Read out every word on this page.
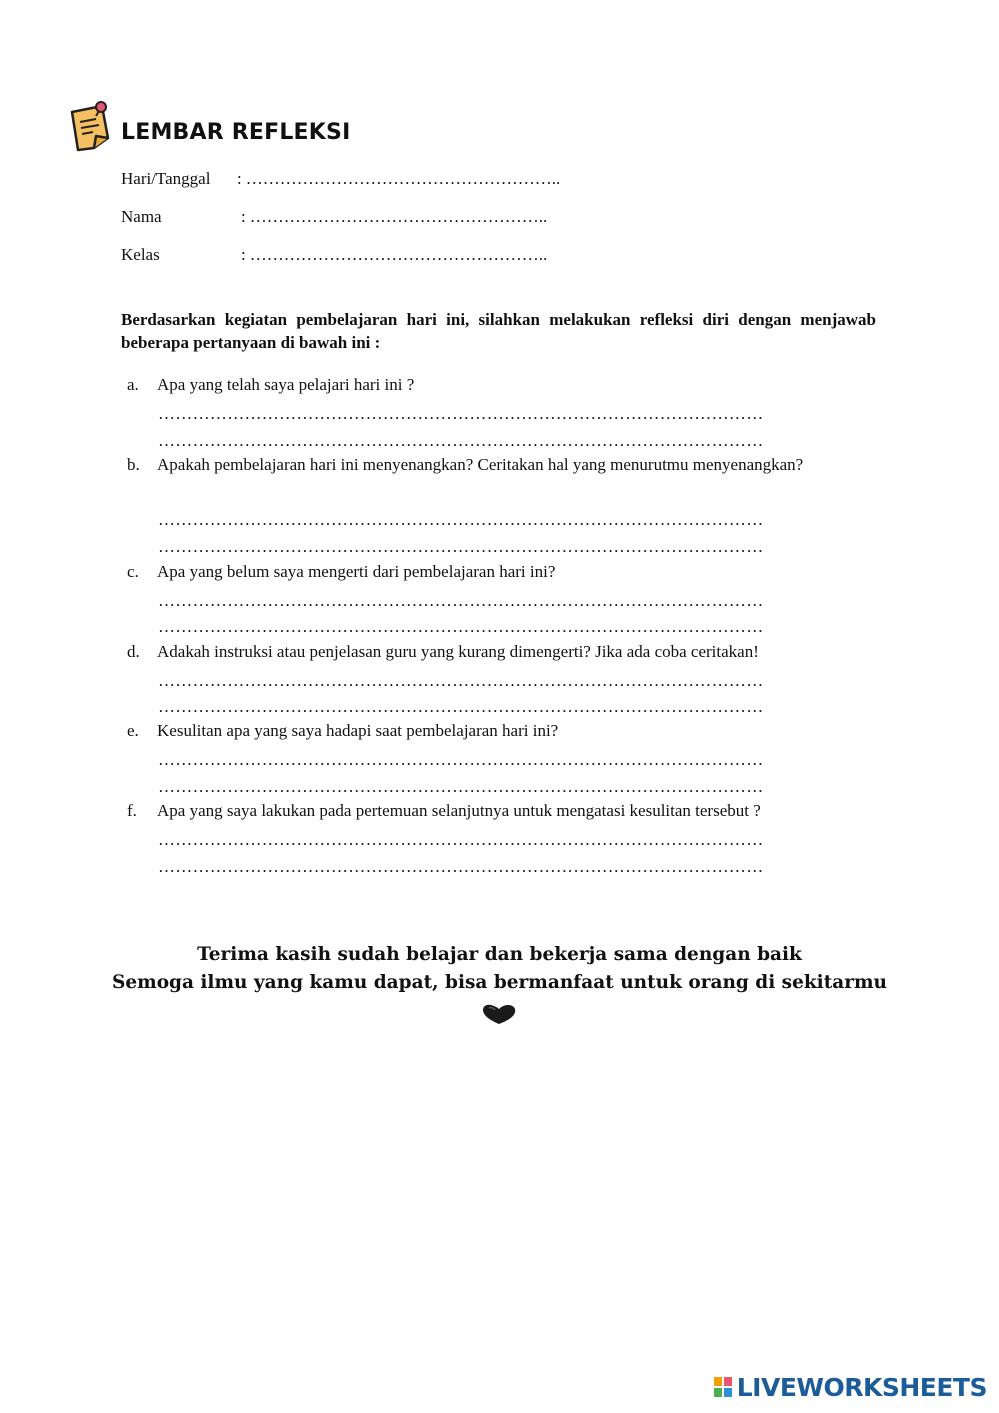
LEMBAR REFLEKSI
Hari/Tanggal : ………………………………………………..
Nama	: ……………………………………………..
Kelas	: ……………………………………………..
Berdasarkan kegiatan pembelajaran hari ini, silahkan melakukan refleksi diri dengan menjawab beberapa pertanyaan di bawah ini :
a.	Apa yang telah saya pelajari hari ini ?
……………………………………………………………………………………………
……………………………………………………………………………………………
b.	Apakah pembelajaran hari ini menyenangkan? Ceritakan hal yang menurutmu menyenangkan?
……………………………………………………………………………………………
……………………………………………………………………………………………
c.	Apa yang belum saya mengerti dari pembelajaran hari ini?
……………………………………………………………………………………………
……………………………………………………………………………………………
d.	Adakah instruksi atau penjelasan guru yang kurang dimengerti? Jika ada coba ceritakan!
……………………………………………………………………………………………
……………………………………………………………………………………………
e.	Kesulitan apa yang saya hadapi saat pembelajaran hari ini?
……………………………………………………………………………………………
……………………………………………………………………………………………
f.	Apa yang saya lakukan pada pertemuan selanjutnya untuk mengatasi kesulitan tersebut ?
……………………………………………………………………………………………
……………………………………………………………………………………………
Terima kasih sudah belajar dan bekerja sama dengan baik
Semoga ilmu yang kamu dapat, bisa bermanfaat untuk orang di sekitarmu
LIVEWORKSHEETS
